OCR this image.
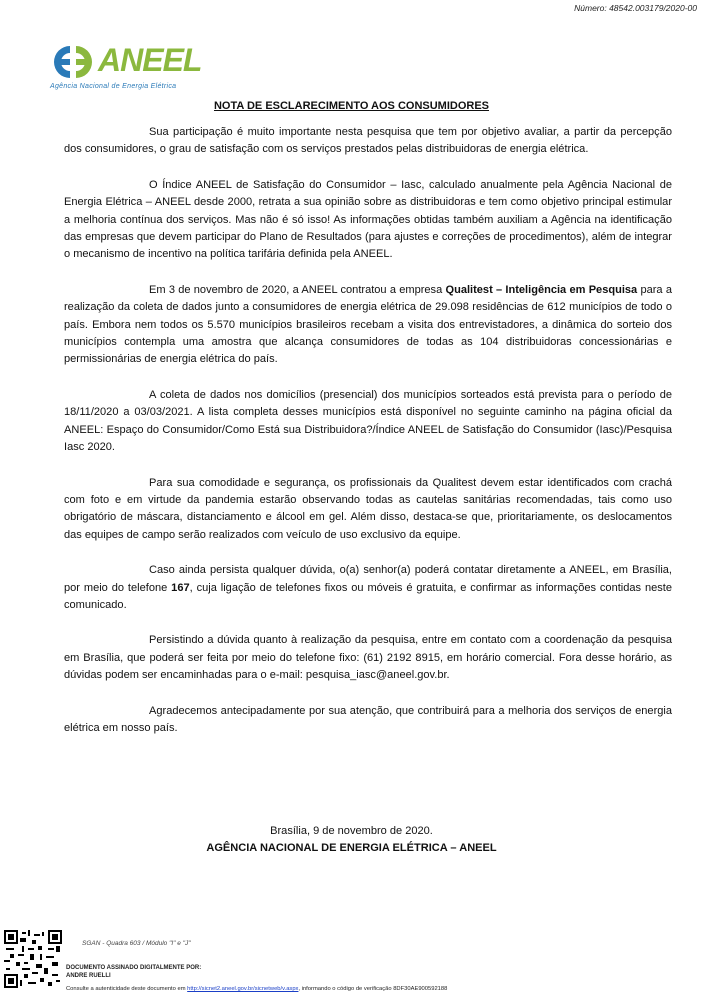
Número: 48542.003179/2020-00
ANEEL
Agência Nacional de Energia Elétrica
NOTA DE ESCLARECIMENTO AOS CONSUMIDORES

Sua participação é muito importante nesta pesquisa que tem por objetivo avaliar, a partir da percepção dos consumidores, o grau de satisfação com os serviços prestados pelas distribuidoras de energia elétrica.

O Índice ANEEL de Satisfação do Consumidor – Iasc, calculado anualmente pela Agência Nacional de Energia Elétrica – ANEEL desde 2000, retrata a sua opinião sobre as distribuidoras e tem como objetivo principal estimular a melhoria contínua dos serviços. Mas não é só isso! As informações obtidas também auxiliam a Agência na identificação das empresas que devem participar do Plano de Resultados (para ajustes e correções de procedimentos), além de integrar o mecanismo de incentivo na política tarifária definida pela ANEEL.

Em 3 de novembro de 2020, a ANEEL contratou a empresa Qualitest – Inteligência em Pesquisa para a realização da coleta de dados junto a consumidores de energia elétrica de 29.098 residências de 612 municípios de todo o país. Embora nem todos os 5.570 municípios brasileiros recebam a visita dos entrevistadores, a dinâmica do sorteio dos municípios contempla uma amostra que alcança consumidores de todas as 104 distribuidoras concessionárias e permissionárias de energia elétrica do país.

A coleta de dados nos domicílios (presencial) dos municípios sorteados está prevista para o período de 18/11/2020 a 03/03/2021. A lista completa desses municípios está disponível no seguinte caminho na página oficial da ANEEL: Espaço do Consumidor/Como Está sua Distribuidora?/Índice ANEEL de Satisfação do Consumidor (Iasc)/Pesquisa Iasc 2020.

Para sua comodidade e segurança, os profissionais da Qualitest devem estar identificados com crachá com foto e em virtude da pandemia estarão observando todas as cautelas sanitárias recomendadas, tais como uso obrigatório de máscara, distanciamento e álcool em gel. Além disso, destaca-se que, prioritariamente, os deslocamentos das equipes de campo serão realizados com veículo de uso exclusivo da equipe.

Caso ainda persista qualquer dúvida, o(a) senhor(a) poderá contatar diretamente a ANEEL, em Brasília, por meio do telefone 167, cuja ligação de telefones fixos ou móveis é gratuita, e confirmar as informações contidas neste comunicado.

Persistindo a dúvida quanto à realização da pesquisa, entre em contato com a coordenação da pesquisa em Brasília, que poderá ser feita por meio do telefone fixo: (61) 2192 8915, em horário comercial. Fora desse horário, as dúvidas podem ser encaminhadas para o e-mail: pesquisa_iasc@aneel.gov.br.

Agradecemos antecipadamente por sua atenção, que contribuirá para a melhoria dos serviços de energia elétrica em nosso país.

Brasília, 9 de novembro de 2020.
AGÊNCIA NACIONAL DE ENERGIA ELÉTRICA – ANEEL
SGAN - Quadra 603 / Módulo "I" e "J"
DOCUMENTO ASSINADO DIGITALMENTE POR:
ANDRE RUELLI
Consulte a autenticidade deste documento em http://sicnet2.aneel.gov.br/sicnetweb/v.aspx, informando o código de verificação 8DF30AE900592188
